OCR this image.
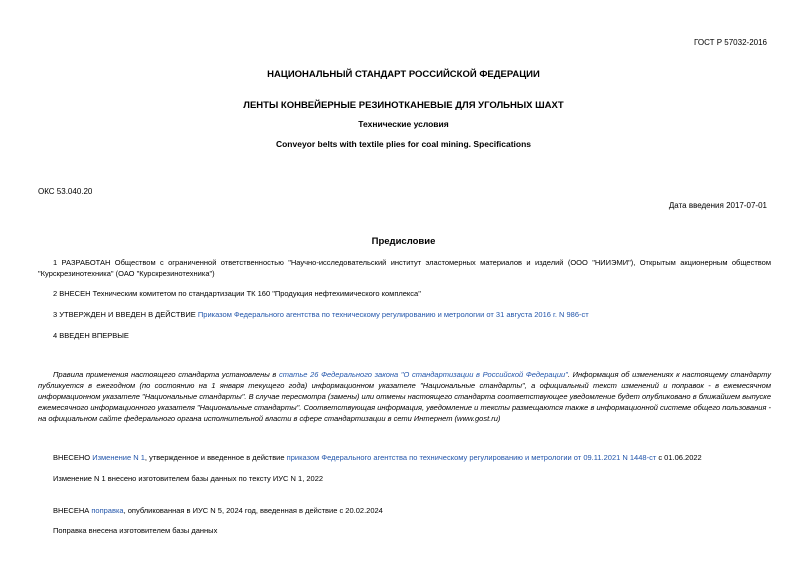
ГОСТ Р 57032-2016
НАЦИОНАЛЬНЫЙ СТАНДАРТ РОССИЙСКОЙ ФЕДЕРАЦИИ
ЛЕНТЫ КОНВЕЙЕРНЫЕ РЕЗИНОТКАНЕВЫЕ ДЛЯ УГОЛЬНЫХ ШАХТ
Технические условия
Conveyor belts with textile plies for coal mining. Specifications
ОКС 53.040.20
Дата введения 2017-07-01
Предисловие
1 РАЗРАБОТАН Обществом с ограниченной ответственностью "Научно-исследовательский институт эластомерных материалов и изделий (ООО "НИИЭМИ"), Открытым акционерным обществом "Курскрезинотехника" (ОАО "Курскрезинотехника")
2 ВНЕСЕН Техническим комитетом по стандартизации ТК 160 "Продукция нефтехимического комплекса"
3 УТВЕРЖДЕН И ВВЕДЕН В ДЕЙСТВИЕ Приказом Федерального агентства по техническому регулированию и метрологии от 31 августа 2016 г. N 986-ст
4 ВВЕДЕН ВПЕРВЫЕ
Правила применения настоящего стандарта установлены в статье 26 Федерального закона "О стандартизации в Российской Федерации". Информация об изменениях к настоящему стандарту публикуется в ежегодном (по состоянию на 1 января текущего года) информационном указателе "Национальные стандарты", а официальный текст изменений и поправок - в ежемесячном информационном указателе "Национальные стандарты". В случае пересмотра (замены) или отмены настоящего стандарта соответствующее уведомление будет опубликовано в ближайшем выпуске ежемесячного информационного указателя "Национальные стандарты". Соответствующая информация, уведомление и тексты размещаются также в информационной системе общего пользования - на официальном сайте федерального органа исполнительной власти в сфере стандартизации в сети Интернет (www.gost.ru)
ВНЕСЕНО Изменение N 1, утвержденное и введенное в действие приказом Федерального агентства по техническому регулированию и метрологии от 09.11.2021 N 1448-ст с 01.06.2022
Изменение N 1 внесено изготовителем базы данных по тексту ИУС N 1, 2022
ВНЕСЕНА поправка, опубликованная в ИУС N 5, 2024 год, введенная в действие с 20.02.2024
Поправка внесена изготовителем базы данных
